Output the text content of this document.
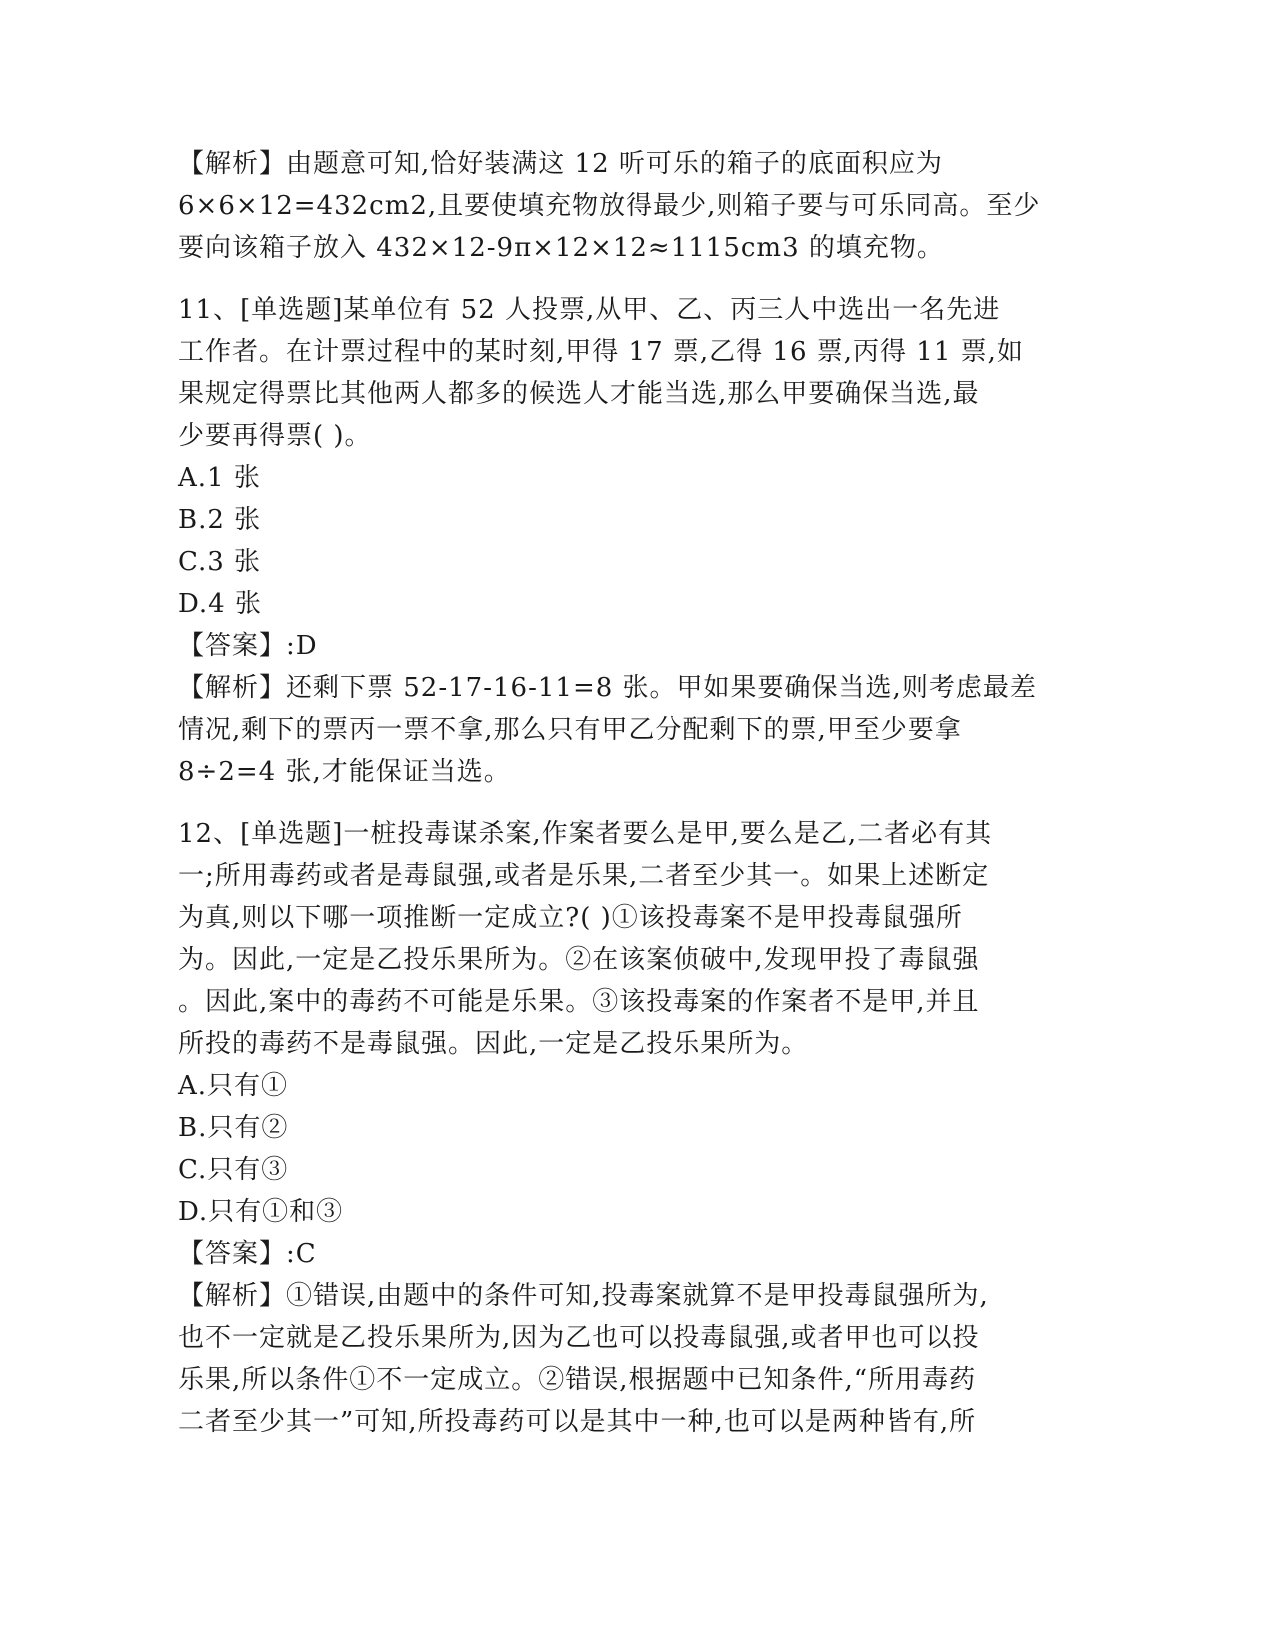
【解析】由题意可知,恰好装满这 12 听可乐的箱子的底面积应为
6×6×12=432cm2,且要使填充物放得最少,则箱子要与可乐同高。至少
要向该箱子放入 432×12-9π×12×12≈1115cm3 的填充物。
11、[单选题]某单位有 52 人投票,从甲、乙、丙三人中选出一名先进
工作者。在计票过程中的某时刻,甲得 17 票,乙得 16 票,丙得 11 票,如
果规定得票比其他两人都多的候选人才能当选,那么甲要确保当选,最
少要再得票( )。
A.1 张
B.2 张
C.3 张
D.4 张
【答案】:D
【解析】还剩下票 52-17-16-11=8 张。甲如果要确保当选,则考虑最差
情况,剩下的票丙一票不拿,那么只有甲乙分配剩下的票,甲至少要拿
8÷2=4 张,才能保证当选。
12、[单选题]一桩投毒谋杀案,作案者要么是甲,要么是乙,二者必有其
一;所用毒药或者是毒鼠强,或者是乐果,二者至少其一。如果上述断定
为真,则以下哪一项推断一定成立?( )①该投毒案不是甲投毒鼠强所
为。因此,一定是乙投乐果所为。②在该案侦破中,发现甲投了毒鼠强
。因此,案中的毒药不可能是乐果。③该投毒案的作案者不是甲,并且
所投的毒药不是毒鼠强。因此,一定是乙投乐果所为。
A.只有①
B.只有②
C.只有③
D.只有①和③
【答案】:C
【解析】①错误,由题中的条件可知,投毒案就算不是甲投毒鼠强所为,
也不一定就是乙投乐果所为,因为乙也可以投毒鼠强,或者甲也可以投
乐果,所以条件①不一定成立。②错误,根据题中已知条件,“所用毒药
二者至少其一”可知,所投毒药可以是其中一种,也可以是两种皆有,所
